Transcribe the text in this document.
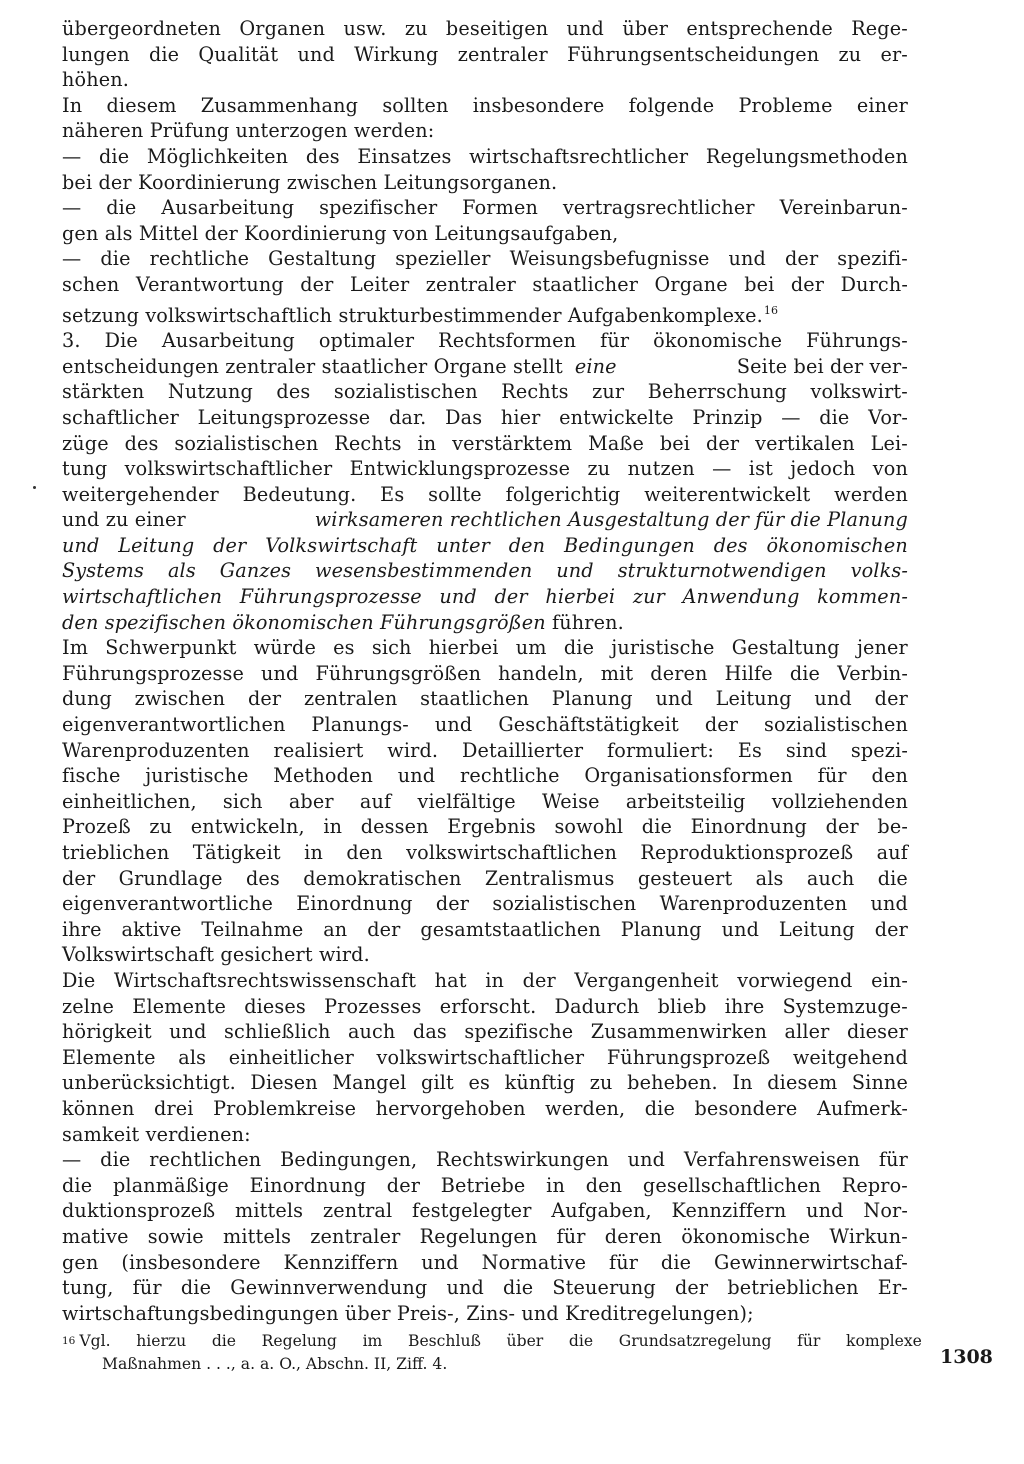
übergeordneten Organen usw. zu beseitigen und über entsprechende Rege-
lungen die Qualität und Wirkung zentraler Führungsentscheidungen zu er-
höhen.
In diesem Zusammenhang sollten insbesondere folgende Probleme einer
näheren Prüfung unterzogen werden:
— die Möglichkeiten des Einsatzes wirtschaftsrechtlicher Regelungsmethoden
bei der Koordinierung zwischen Leitungsorganen.
— die Ausarbeitung spezifischer Formen vertragsrechtlicher Vereinbarun-
gen als Mittel der Koordinierung von Leitungsaufgaben,
— die rechtliche Gestaltung spezieller Weisungsbefugnisse und der spezifi-
schen Verantwortung der Leiter zentraler staatlicher Organe bei der Durch-
setzung volkswirtschaftlich strukturbestimmender Aufgabenkomplexe.$^{16}$
3. Die Ausarbeitung optimaler Rechtsformen für ökonomische Führungs-
entscheidungen zentraler staatlicher Organe stellt eine	Seite bei der ver-
stärkten Nutzung des sozialistischen Rechts zur Beherrschung volkswirt-
schaftlicher Leitungsprozesse dar. Das hier entwickelte Prinzip — die Vor-
züge des sozialistischen Rechts in verstärktem Maße bei der vertikalen Lei-
tung volkswirtschaftlicher Entwicklungsprozesse zu nutzen — ist jedoch von
weitergehender Bedeutung. Es sollte folgerichtig weiterentwickelt werden
und zu einer	wirksameren rechtlichen Ausgestaltung der für die Planung
und Leitung der Volkswirtschaft unter den Bedingungen des ökonomischen
Systems als Ganzes wesensbestimmenden und strukturnotwendigen volks-
wirtschaftlichen Führungsprozesse und der hierbei zur Anwendung kommen-
den spezifischen ökonomischen Führungsgrößen führen.
Im Schwerpunkt würde es sich hierbei um die juristische Gestaltung jener
Führungsprozesse und Führungsgrößen handeln, mit deren Hilfe die Verbin-
dung zwischen der zentralen staatlichen Planung und Leitung und der
eigenverantwortlichen Planungs- und Geschäftstätigkeit der sozialistischen
Warenproduzenten realisiert wird. Detaillierter formuliert: Es sind spezi-
fische juristische Methoden und rechtliche Organisationsformen für den
einheitlichen, sich aber auf vielfältige Weise arbeitsteilig vollziehenden
Prozeß zu entwickeln, in dessen Ergebnis sowohl die Einordnung der be-
trieblichen Tätigkeit in den volkswirtschaftlichen Reproduktionsprozeß auf
der Grundlage des demokratischen Zentralismus gesteuert als auch die
eigenverantwortliche Einordnung der sozialistischen Warenproduzenten und
ihre aktive Teilnahme an der gesamtstaatlichen Planung und Leitung der
Volkswirtschaft gesichert wird.
Die Wirtschaftsrechtswissenschaft hat in der Vergangenheit vorwiegend ein-
zelne Elemente dieses Prozesses erforscht. Dadurch blieb ihre Systemzuge-
hörigkeit und schließlich auch das spezifische Zusammenwirken aller dieser
Elemente als einheitlicher volkswirtschaftlicher Führungsprozeß weitgehend
unberücksichtigt. Diesen Mangel gilt es künftig zu beheben. In diesem Sinne
können drei Problemkreise hervorgehoben werden, die besondere Aufmerk-
samkeit verdienen:
— die rechtlichen Bedingungen, Rechtswirkungen und Verfahrensweisen für
die planmäßige Einordnung der Betriebe in den gesellschaftlichen Repro-
duktionsprozeß mittels zentral festgelegter Aufgaben, Kennziffern und Nor-
mative sowie mittels zentraler Regelungen für deren ökonomische Wirkun-
gen (insbesondere Kennziffern und Normative für die Gewinnerwirtschaf-
tung, für die Gewinnverwendung und die Steuerung der betrieblichen Er-
wirtschaftungsbedingungen über Preis-, Zins- und Kreditregelungen);
16 Vgl. hierzu die Regelung im Beschluß über die Grundsatzregelung für komplexe
Maßnahmen . . ., a. a. O., Abschn. II, Ziff. 4.	1308
